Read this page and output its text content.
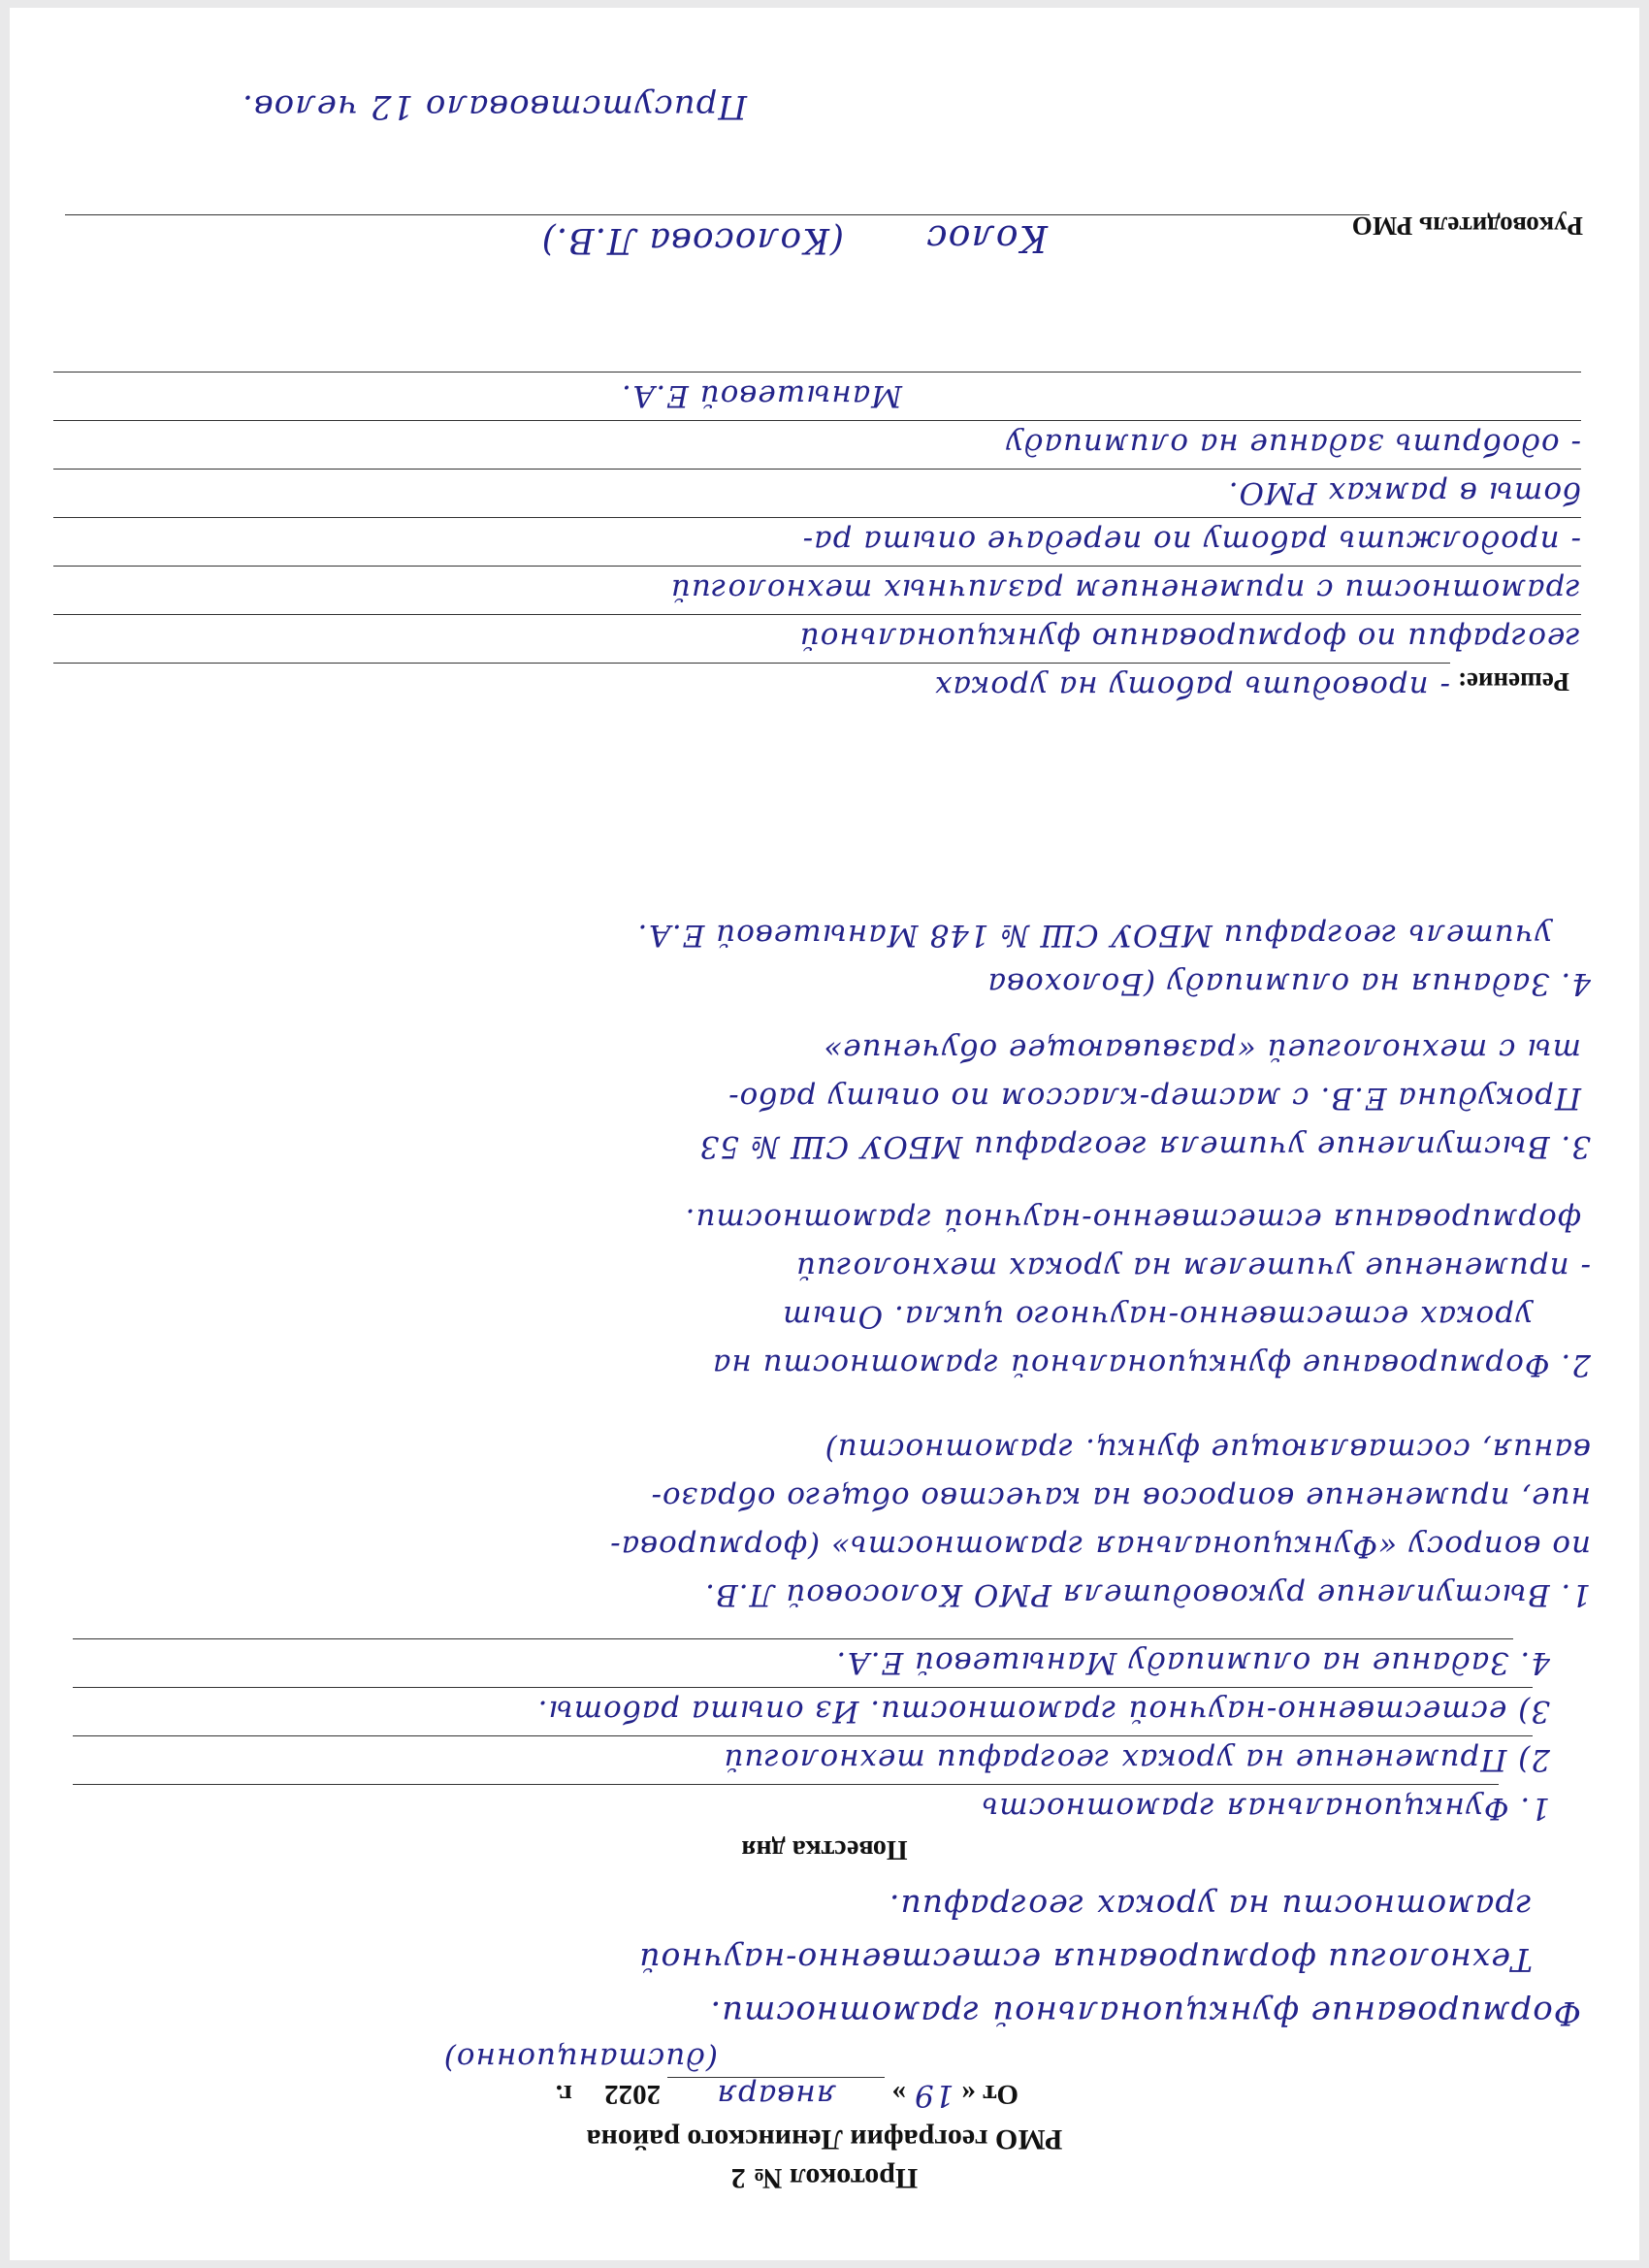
Протокол № 2
РМО географии Ленинского района
От «19» января 2022 г.
(дистанционно)
Формирование функциональной грамотности.
Технологии формирования естественно-научной
грамотности на уроках географии.
Повестка дня
1. Функциональная грамотность
2) Применение на уроках географии технологий
3) естественно-научной грамотности. Из опыта работы.
4. Задание на олимпиаду Манышевой Е.А.
1. Выступление руководителя РМО Колосовой Л.В.
по вопросу «Функциональная грамотность» (формирова-
ние, применение вопросов на качество общего образо-
вания, составляющие функц. грамотности)
2. Формирование функциональной грамотности на
уроках естественно-научного цикла. Опыт
- применение учителем на уроках технологий
формирования естественно-научной грамотности.
3. Выступление учителя географии МБОУ СШ № 53
Прокудина Е.В. с мастер-классом по опыту рабо-
ты с технологией «развивающее обучение»
4. Задания на олимпиаду (Болохова
учитель географии МБОУ СШ № 148 Манышевой Е.А.
Решение:
- проводить работу на уроках
географии по формированию функциональной
грамотности с применением различных технологий
- продолжить работу по передаче опыта ра-
боты в рамках РМО.
- одобрить задание на олимпиаду
Манышевой Е.А.
Руководитель РМО
Колос
(Колосова Л.В.)
Присутствовало 12 челов.
